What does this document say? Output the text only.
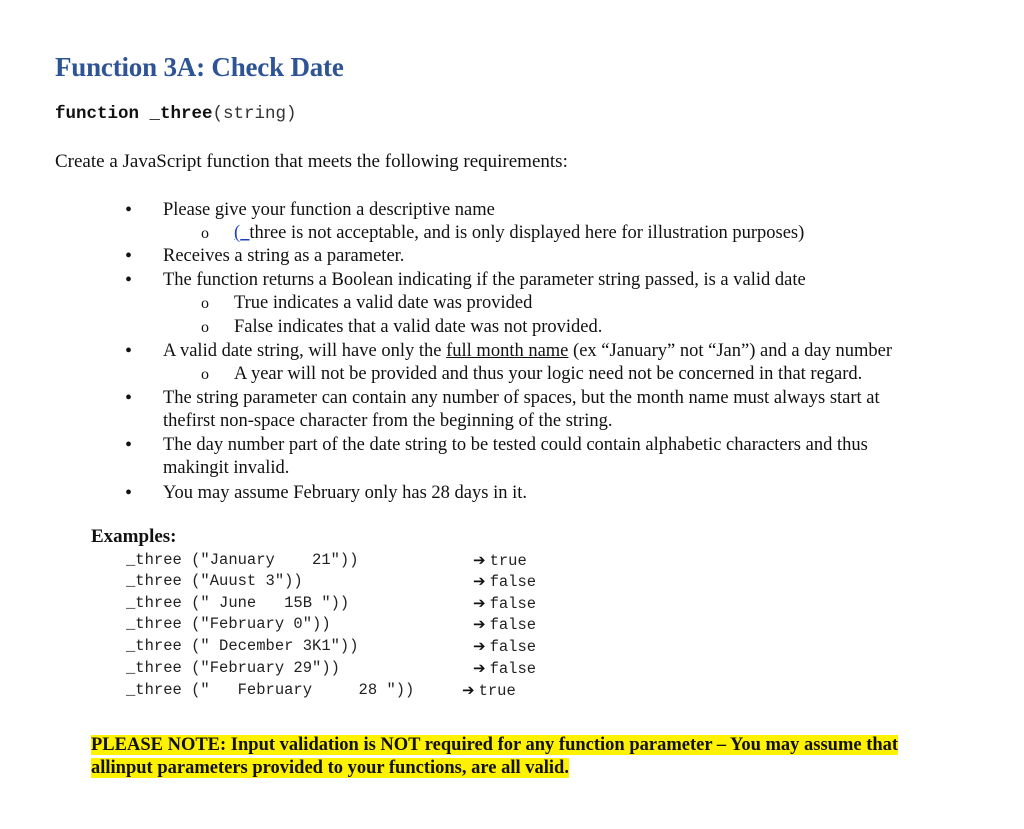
Function 3A: Check Date
function _three(string)
Create a JavaScript function that meets the following requirements:
• Please give your function a descriptive name
o (_three is not acceptable, and is only displayed here for illustration purposes)
• Receives a string as a parameter.
• The function returns a Boolean indicating if the parameter string passed, is a valid date
o True indicates a valid date was provided
o False indicates that a valid date was not provided.
• A valid date string, will have only the full month name (ex “January” not “Jan”) and a day number
o A year will not be provided and thus your logic need not be concerned in that regard.
• The string parameter can contain any number of spaces, but the month name must always start at
thefirst non-space character from the beginning of the string.
• The day number part of the date string to be tested could contain alphabetic characters and thus
makingit invalid.
• You may assume February only has 28 days in it.
Examples:
_three ("January    21"))	➔ true
_three ("Auust 3"))	➔ false
_three (" June   15B "))	➔ false
_three ("February 0"))	➔ false
_three (" December 3K1"))	➔ false
_three ("February 29"))	➔ false
_three ("   February     28 "))	➔ true
PLEASE NOTE: Input validation is NOT required for any function parameter – You may assume that allinput parameters provided to your functions, are all valid.
